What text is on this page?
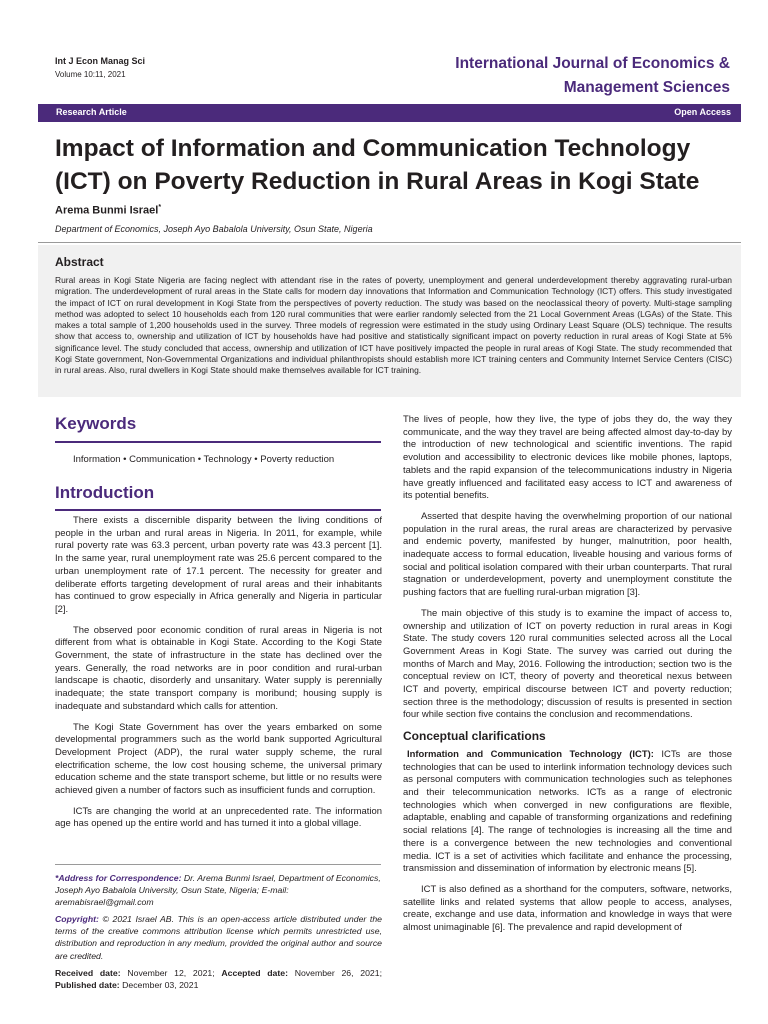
Int J Econ Manag Sci
Volume 10:11, 2021
International Journal of Economics &
Management Sciences
Research Article	Open Access
Impact of Information and Communication Technology (ICT) on Poverty Reduction in Rural Areas in Kogi State
Arema Bunmi Israel*
Department of Economics, Joseph Ayo Babalola University, Osun State, Nigeria
Abstract
Rural areas in Kogi State Nigeria are facing neglect with attendant rise in the rates of poverty, unemployment and general underdevelopment thereby aggravating rural-urban migration. The underdevelopment of rural areas in the State calls for modern day innovations that Information and Communication Technology (ICT) offers. This study investigated the impact of ICT on rural development in Kogi State from the perspectives of poverty reduction. The study was based on the neoclassical theory of poverty. Multi-stage sampling method was adopted to select 10 households each from 120 rural communities that were earlier randomly selected from the 21 Local Government Areas (LGAs) of the State. This makes a total sample of 1,200 households used in the survey. Three models of regression were estimated in the study using Ordinary Least Square (OLS) technique. The results show that access to, ownership and utilization of ICT by households have had positive and statistically significant impact on poverty reduction in rural areas of Kogi State at 5% significance level. The study concluded that access, ownership and utilization of ICT have positively impacted the people in rural areas of Kogi State. The study recommended that Kogi State government, Non-Governmental Organizations and individual philanthropists should establish more ICT training centers and Community Internet Service Centers (CISC) in rural areas. Also, rural dwellers in Kogi State should make themselves available for ICT training.
Keywords
Information • Communication • Technology • Poverty reduction
Introduction

There exists a discernible disparity between the living conditions of people in the urban and rural areas in Nigeria. In 2011, for example, while rural poverty rate was 63.3 percent, urban poverty rate was 43.3 percent [1]. In the same year, rural unemployment rate was 25.6 percent compared to the urban unemployment rate of 17.1 percent. The necessity for greater and deliberate efforts targeting development of rural areas and their inhabitants has continued to grow especially in Africa generally and Nigeria in particular [2].

The observed poor economic condition of rural areas in Nigeria is not different from what is obtainable in Kogi State. According to the Kogi State Government, the state of infrastructure in the state has declined over the years. Generally, the road networks are in poor condition and rural-urban landscape is chaotic, disorderly and unsanitary. Water supply is perennially inadequate; the state transport company is moribund; housing supply is inadequate and substandard which calls for attention.

The Kogi State Government has over the years embarked on some developmental programmers such as the world bank supported Agricultural Development Project (ADP), the rural water supply scheme, the rural electrification scheme, the low cost housing scheme, the universal primary education scheme and the state transport scheme, but little or no results were achieved given a number of factors such as insufficient funds and corruption.

ICTs are changing the world at an unprecedented rate. The information age has opened up the entire world and has turned it into a global village.

*Address for Correspondence: Dr. Arema Bunmi Israel, Department of Economics, Joseph Ayo Babalola University, Osun State, Nigeria; E-mail: aremabisrael@gmail.com
Copyright: © 2021 Israel AB. This is an open-access article distributed under the terms of the creative commons attribution license which permits unrestricted use, distribution and reproduction in any medium, provided the original author and source are credited.
Received date: November 12, 2021; Accepted date: November 26, 2021; Published date: December 03, 2021

The lives of people, how they live, the type of jobs they do, the way they communicate, and the way they travel are being affected almost day-to-day by the introduction of new technological and scientific inventions. The rapid evolution and accessibility to electronic devices like mobile phones, laptops, tablets and the rapid expansion of the telecommunications industry in Nigeria have greatly influenced and facilitated easy access to ICT and awareness of its potential benefits.

Asserted that despite having the overwhelming proportion of our national population in the rural areas, the rural areas are characterized by pervasive and endemic poverty, manifested by hunger, malnutrition, poor health, inadequate access to formal education, liveable housing and various forms of social and political isolation compared with their urban counterparts. That rural stagnation or underdevelopment, poverty and unemployment constitute the pushing factors that are fuelling rural-urban migration [3].

The main objective of this study is to examine the impact of access to, ownership and utilization of ICT on poverty reduction in rural areas in Kogi State. The study covers 120 rural communities selected across all the Local Government Areas in Kogi State. The survey was carried out during the months of March and May, 2016. Following the introduction; section two is the conceptual review on ICT, theory of poverty and theoretical nexus between ICT and poverty, empirical discourse between ICT and poverty reduction; section three is the methodology; discussion of results is presented in section four while section five contains the conclusion and recommendations.

Conceptual clarifications

Information and Communication Technology (ICT): ICTs are those technologies that can be used to interlink information technology devices such as personal computers with communication technologies such as telephones and their telecommunication networks. ICTs as a range of electronic technologies which when converged in new configurations are flexible, adaptable, enabling and capable of transforming organizations and redefining social relations [4]. The range of technologies is increasing all the time and there is a convergence between the new technologies and conventional media. ICT is a set of activities which facilitate and enhance the processing, transmission and dissemination of information by electronic means [5].

ICT is also defined as a shorthand for the computers, software, networks, satellite links and related systems that allow people to access, analyses, create, exchange and use data, information and knowledge in ways that were almost unimaginable [6]. The prevalence and rapid development of
